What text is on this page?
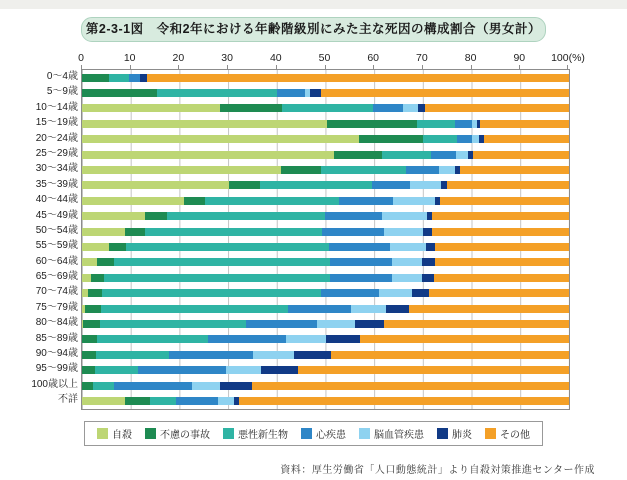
第2-3-1図　令和2年における年齢階級別にみた主な死因の構成割合（男女計）
0	10	20	30	40	50	60	70	80	90 100(%)
0～4歳
5～9歳
10～14歳
15～19歳
20～24歳
25～29歳
30～34歳
35～39歳
40～44歳
45～49歳
50～54歳
55～59歳
60～64歳
65～69歳
70～74歳
75～79歳
80～84歳
85～89歳
90～94歳
95～99歳
100歳以上
不詳
自殺	不慮の事故	悪性新生物	心疾患	脳血管疾患	肺炎	その他
資料：厚生労働省「人口動態統計」より自殺対策推進センター作成
